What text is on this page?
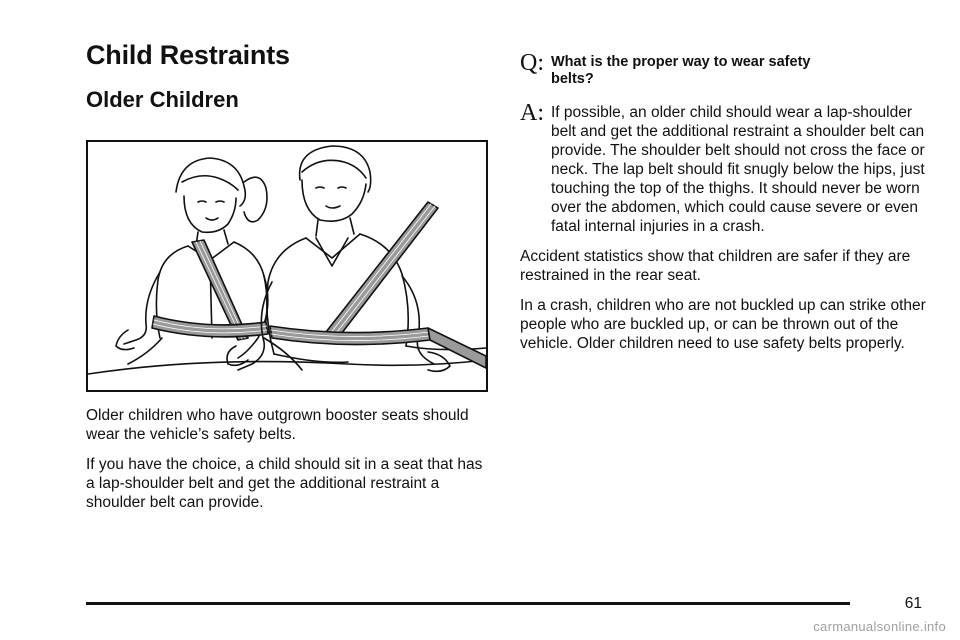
Child Restraints
Older Children

Older children who have outgrown booster seats should wear the vehicle’s safety belts.

If you have the choice, a child should sit in a seat that has a lap-shoulder belt and get the additional restraint a shoulder belt can provide.

Q: What is the proper way to wear safety belts?
A: If possible, an older child should wear a lap-shoulder belt and get the additional restraint a shoulder belt can provide. The shoulder belt should not cross the face or neck. The lap belt should fit snugly below the hips, just touching the top of the thighs. It should never be worn over the abdomen, which could cause severe or even fatal internal injuries in a crash.

Accident statistics show that children are safer if they are restrained in the rear seat.

In a crash, children who are not buckled up can strike other people who are buckled up, or can be thrown out of the vehicle. Older children need to use safety belts properly.

61
carmanualsonline.info
